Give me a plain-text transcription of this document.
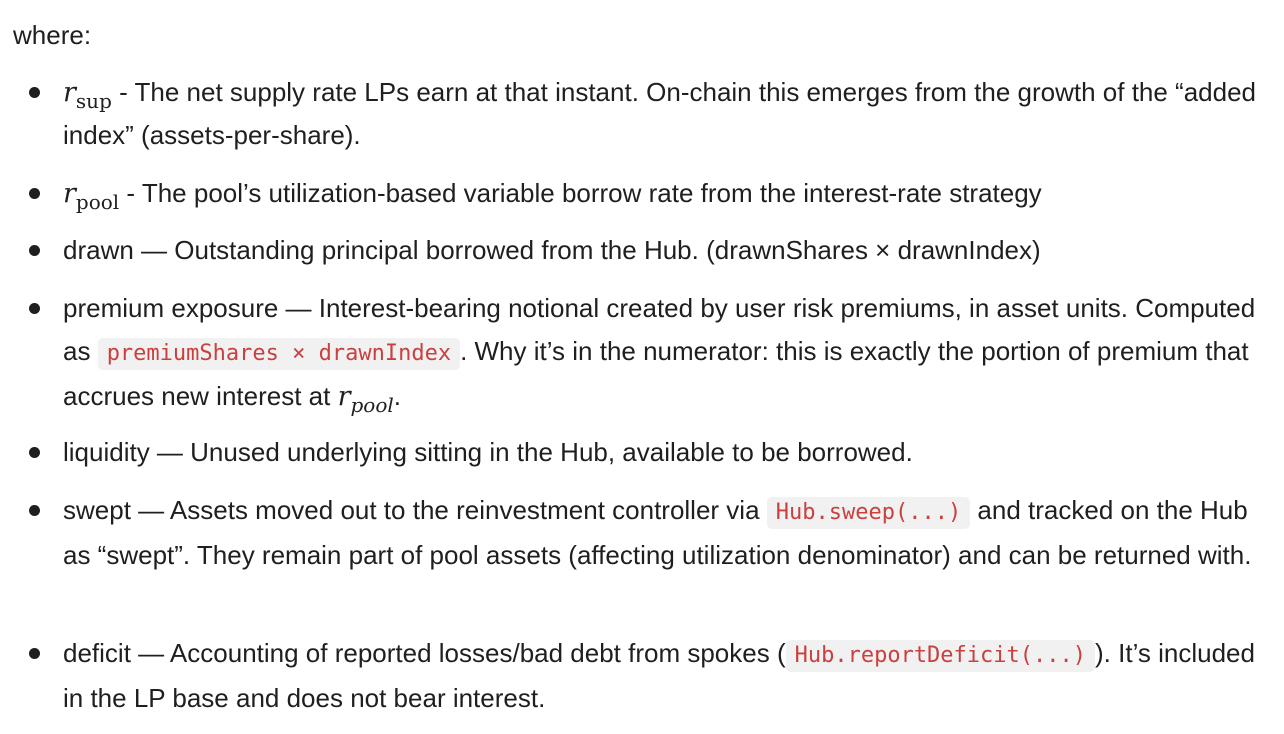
where:
$r_{sup}$ - The net supply rate LPs earn at that instant. On-chain this emerges from the growth of the “added index” (assets-per-share).
$r_{pool}$ - The pool’s utilization-based variable borrow rate from the interest-rate strategy
drawn — Outstanding principal borrowed from the Hub. (drawnShares × drawnIndex)
premium exposure — Interest-bearing notional created by user risk premiums, in asset units. Computed as premiumShares × drawnIndex . Why it’s in the numerator: this is exactly the portion of premium that accrues new interest at $r_{pool}$.
liquidity — Unused underlying sitting in the Hub, available to be borrowed.
swept — Assets moved out to the reinvestment controller via Hub.sweep(...) and tracked on the Hub as “swept”. They remain part of pool assets (affecting utilization denominator) and can be returned with.
deficit — Accounting of reported losses/bad debt from spokes ( Hub.reportDeficit(...) ). It’s included in the LP base and does not bear interest.
